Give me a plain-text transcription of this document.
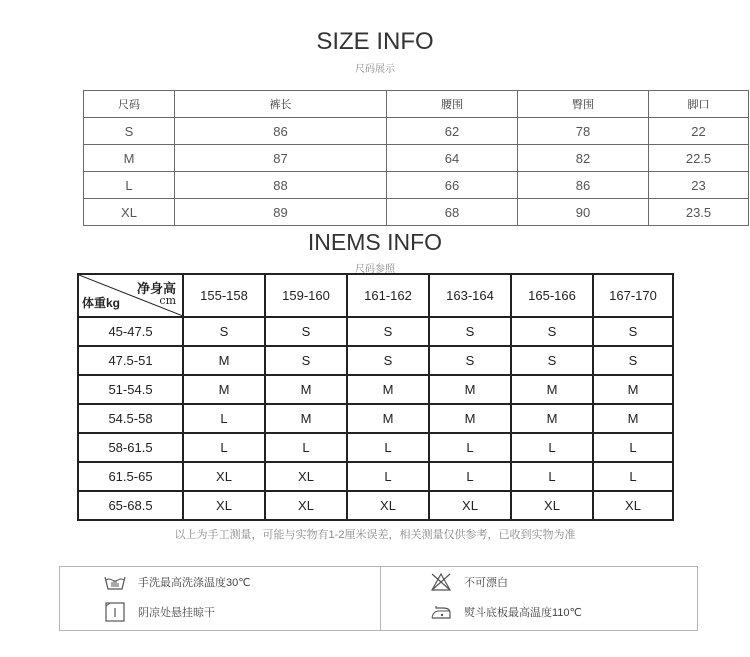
SIZE INFO
尺码展示
尺码	裤长	腰围	臀围	脚口
S	86	62	78	22
M	87	64	82	22.5
L	88	66	86	23
XL	89	68	90	23.5
INEMS INFO
尺码参照
净身高
cm
体重kg	155-158	159-160	161-162	163-164	165-166	167-170
45-47.5	S	S	S	S	S	S
47.5-51	M	S	S	S	S	S
51-54.5	M	M	M	M	M	M
54.5-58	L	M	M	M	M	M
58-61.5	L	L	L	L	L	L
61.5-65	XL	XL	L	L	L	L
65-68.5	XL	XL	XL	XL	XL	XL
以上为手工测量，可能与实物有1-2厘米误差，相关测量仅供参考，已收到实物为准
手洗最高洗涤温度30℃
阴凉处悬挂晾干
不可漂白
熨斗底板最高温度110℃
